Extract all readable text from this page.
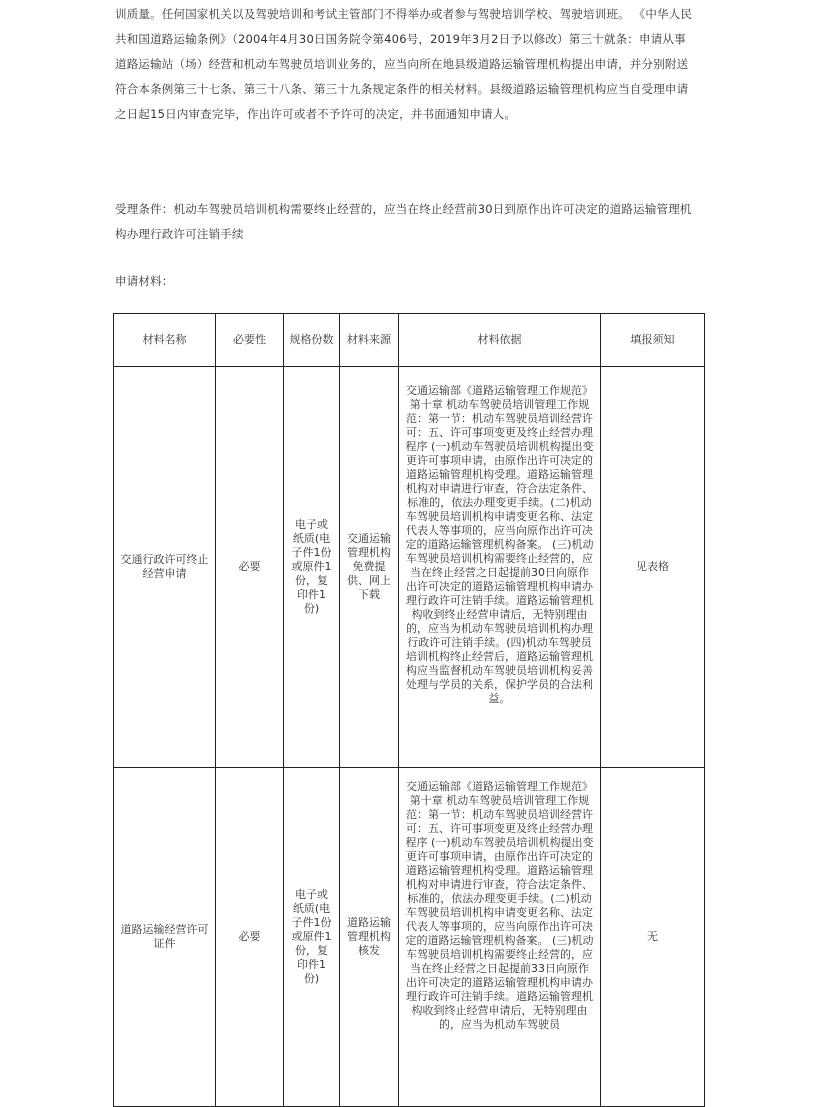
训质量。任何国家机关以及驾驶培训和考试主管部门不得举办或者参与驾驶培训学校、驾驶培训班。 《中华人民共和国道路运输条例》（2004年4月30日国务院令第406号，2019年3月2日予以修改）第三十就条：申请从事道路运输站（场）经营和机动车驾驶员培训业务的，应当向所在地县级道路运输管理机构提出申请，并分别附送符合本条例第三十七条、第三十八条、第三十九条规定条件的相关材料。县级道路运输管理机构应当自受理申请之日起15日内审查完毕，作出许可或者不予许可的决定，并书面通知申请人。
受理条件：机动车驾驶员培训机构需要终止经营的，应当在终止经营前30日到原作出许可决定的道路运输管理机构办理行政许可注销手续
申请材料：
材料名称	必要性	规格份数	材料来源	材料依据	填报须知
交通行政许可终止经营申请	必要	电子或纸质(电子件1份或原件1份，复印件1份)	交通运输管理机构免费提供、网上下载	交通运输部《道路运输管理工作规范》第十章 机动车驾驶员培训管理工作规范：第一节：机动车驾驶员培训经营许可：五、许可事项变更及终止经营办理程序 (一)机动车驾驶员培训机构提出变更许可事项申请，由原作出许可决定的道路运输管理机构受理。道路运输管理机构对申请进行审查，符合法定条件、标准的，依法办理变更手续。(二)机动车驾驶员培训机构申请变更名称、法定代表人等事项的，应当向原作出许可决定的道路运输管理机构备案。 (三)机动车驾驶员培训机构需要终止经营的，应当在终止经营之日起提前30日向原作出许可决定的道路运输管理机构申请办理行政许可注销手续。道路运输管理机构收到终止经营申请后，无特别理由的，应当为机动车驾驶员培训机构办理行政许可注销手续。(四)机动车驾驶员培训机构终止经营后，道路运输管理机构应当监督机动车驾驶员培训机构妥善处理与学员的关系，保护学员的合法利益。	见表格
道路运输经营许可证件	必要	电子或纸质(电子件1份或原件1份，复印件1份)	道路运输管理机构核发	交通运输部《道路运输管理工作规范》第十章 机动车驾驶员培训管理工作规范：第一节：机动车驾驶员培训经营许可：五、许可事项变更及终止经营办理程序 (一)机动车驾驶员培训机构提出变更许可事项申请，由原作出许可决定的道路运输管理机构受理。道路运输管理机构对申请进行审查，符合法定条件、标准的，依法办理变更手续。(二)机动车驾驶员培训机构申请变更名称、法定代表人等事项的，应当向原作出许可决定的道路运输管理机构备案。 (三)机动车驾驶员培训机构需要终止经营的，应当在终止经营之日起提前33日向原作出许可决定的道路运输管理机构申请办理行政许可注销手续。道路运输管理机构收到终止经营申请后，无特别理由的，应当为机动车驾驶员	无
